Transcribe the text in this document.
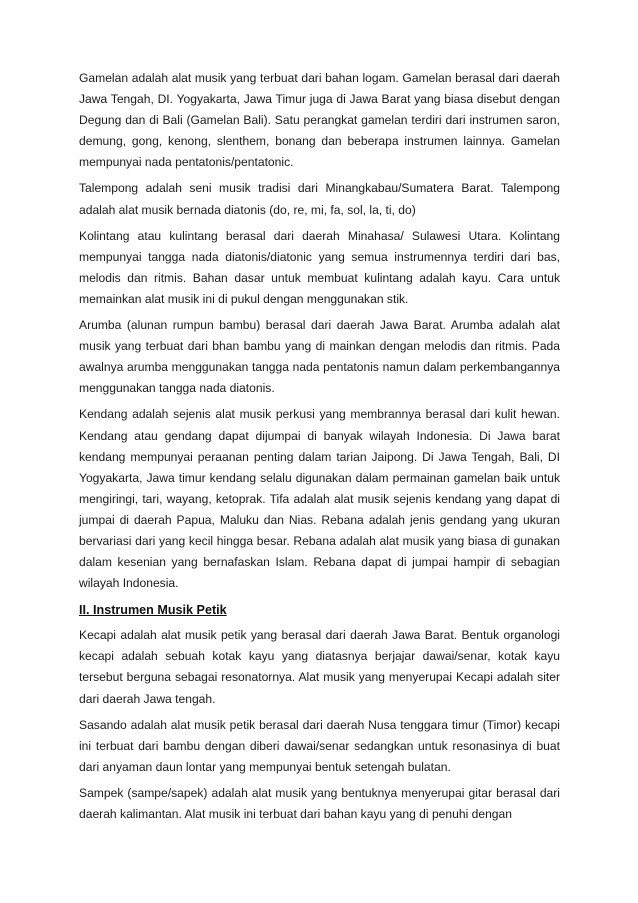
Gamelan adalah alat musik yang terbuat dari bahan logam. Gamelan berasal dari daerah Jawa Tengah, DI. Yogyakarta, Jawa Timur juga di Jawa Barat yang biasa disebut dengan Degung dan di Bali (Gamelan Bali). Satu perangkat gamelan terdiri dari instrumen saron, demung, gong, kenong, slenthem, bonang dan beberapa instrumen lainnya. Gamelan mempunyai nada pentatonis/pentatonic.

Talempong adalah seni musik tradisi dari Minangkabau/Sumatera Barat. Talempong adalah alat musik bernada diatonis (do, re, mi, fa, sol, la, ti, do)

Kolintang atau kulintang berasal dari daerah Minahasa/ Sulawesi Utara. Kolintang mempunyai tangga nada diatonis/diatonic yang semua instrumennya terdiri dari bas, melodis dan ritmis. Bahan dasar untuk membuat kulintang adalah kayu. Cara untuk memainkan alat musik ini di pukul dengan menggunakan stik.

Arumba (alunan rumpun bambu) berasal dari daerah Jawa Barat. Arumba adalah alat musik yang terbuat dari bhan bambu yang di mainkan dengan melodis dan ritmis. Pada awalnya arumba menggunakan tangga nada pentatonis namun dalam perkembangannya menggunakan tangga nada diatonis.

Kendang adalah sejenis alat musik perkusi yang membrannya berasal dari kulit hewan. Kendang atau gendang dapat dijumpai di banyak wilayah Indonesia. Di Jawa barat kendang mempunyai peraanan penting dalam tarian Jaipong. Di Jawa Tengah, Bali, DI Yogyakarta, Jawa timur kendang selalu digunakan dalam permainan gamelan baik untuk mengiringi, tari, wayang, ketoprak. Tifa adalah alat musik sejenis kendang yang dapat di jumpai di daerah Papua, Maluku dan Nias. Rebana adalah jenis gendang yang ukuran bervariasi dari yang kecil hingga besar. Rebana adalah alat musik yang biasa di gunakan dalam kesenian yang bernafaskan Islam. Rebana dapat di jumpai hampir di sebagian wilayah Indonesia.

II. Instrumen Musik Petik

Kecapi adalah alat musik petik yang berasal dari daerah Jawa Barat. Bentuk organologi kecapi adalah sebuah kotak kayu yang diatasnya berjajar dawai/senar, kotak kayu tersebut berguna sebagai resonatornya. Alat musik yang menyerupai Kecapi adalah siter dari daerah Jawa tengah.

Sasando adalah alat musik petik berasal dari daerah Nusa tenggara timur (Timor) kecapi ini terbuat dari bambu dengan diberi dawai/senar sedangkan untuk resonasinya di buat dari anyaman daun lontar yang mempunyai bentuk setengah bulatan.

Sampek (sampe/sapek) adalah alat musik yang bentuknya menyerupai gitar berasal dari daerah kalimantan. Alat musik ini terbuat dari bahan kayu yang di penuhi dengan
